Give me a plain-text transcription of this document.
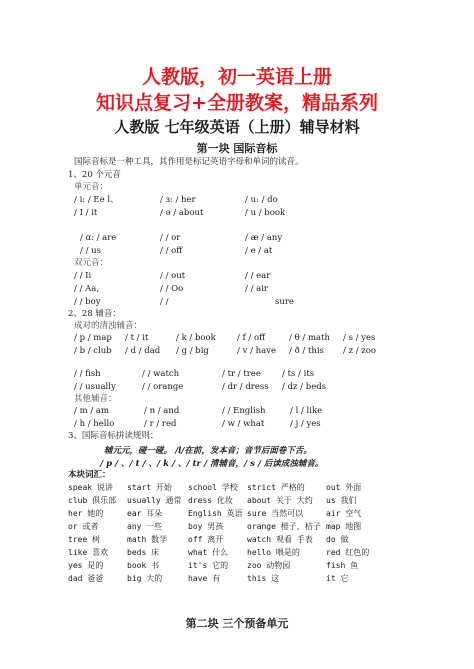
人教版，初一英语上册
知识点复习+全册教案，精品系列
人教版 七年级英语（上册）辅导材料
第一块 国际音标
国际音标是一种工具，其作用是标记英语字母和单词的读音。
1、20 个元音
单元音：
/ i: / Ee l、	/ ɜ: / her	/ u: / do
/ I / it	/ ə / about	/ u / book
/ ɑ: / are	/ / or	/ æ / any
/ / us	/ / off	/ e / at
双元音：
/ / Ii	/ / out	/ / ear
/ / Aa,	/ / Oo	/ / air
/ / boy	/ /	sure
2、28 辅音：
成对的清浊辅音：
/ p / map / t / it	/ k / book / f / off	/ θ / math / s / yes
/ b / club / d / dad / g / big	/ v / have / ð / this / z / zoo
/ / fish	/ / watch	/ tr / tree / ts / its
/ / usually	/ / orange	/ dr / dress / dz / beds
其他辅音：
/ m / am	/ n / and	/ / English	/ l / like
/ h / hello	/ r / red	/ w / what	/ j / yes
3、国际音标拼读规则：
辅元元，碰一碰。 /l/在前，发本音；音节后面卷下舌。
/ p / 、/ t / 、/ k / 、/ tr / 清辅音，/ s / 后读成浊辅音。
本块词汇：
speak 说讲 start 开始 school 学校 strict 严格的	out 外面
club 俱乐部 usually 通常 dress 化妆 about 关于 大约 us 我们
her 她的	ear 耳朵	English 英语 sure 当然可以	air 空气
or 或者	any 一些	boy 男孩	orange 橙子，桔子 map 地图
tree 树	math 数学	off 离开	watch 观看 手表 do 做
like 喜欢 beds 床	what 什么 hello 喂是的	red 红色的
yes 是的	book 书	it's 它的 zoo 动物园	fish 鱼
dad 爸爸	big 大的	have 有	this 这	it 它
第二块 三个预备单元
